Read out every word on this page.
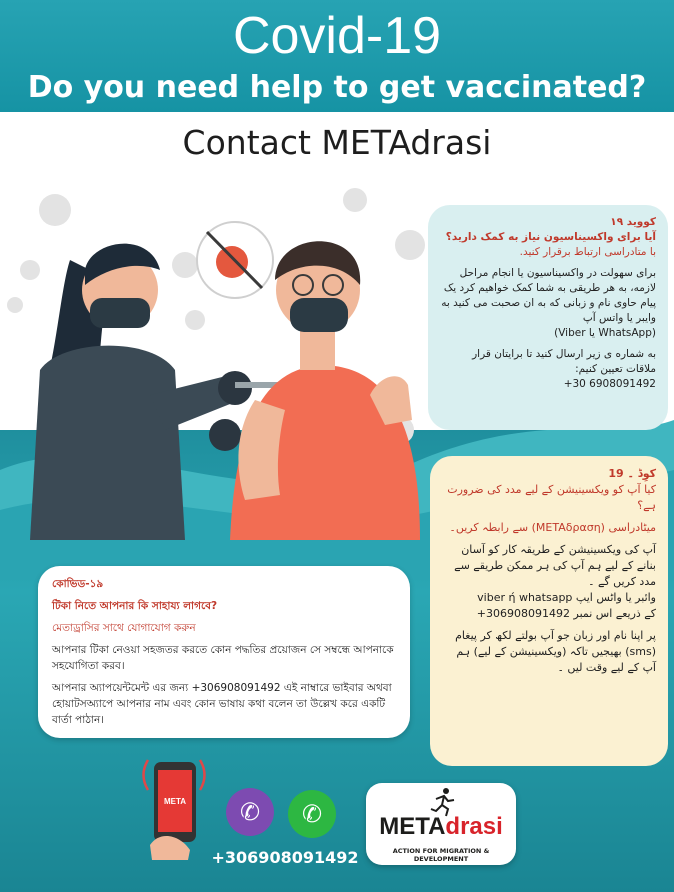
Covid-19
Do you need help to get vaccinated?
Contact METAdrasi
کووید ۱۹
آیا برای واکسیناسیون نیاز به کمک دارید؟
با متادراسی ارتباط برقرار کنید.
برای سهولت در واکسیناسیون یا انجام مراحل لازمه، به هر طریقی به شما کمک خواهیم کرد یک پیام حاوی نام و زبانی که به ان صحبت می کنید به وایبر یا واتس آپ
(WhatsApp یا Viber)
به شماره ی زیر ارسال کنید تا برایتان قرار ملاقات تعیین کنیم:
+30 6908091492
کوِڈ ۔ 19
کیا آپ کو ویکسینیشن کے لیے مدد کی ضرورت ہے؟
میٹادراسی (METAδραση) سے رابطہ کریں۔
آپ کی ویکسینیشن کے طریقہ کار کو آسان بنانے کے لیے ہم آپ کی ہر ممکن طریقے سے مدد کریں گے ۔
وائبر یا واٹس ایپ viber ή whatsapp
کے ذریعے اس نمبر 306908091492+
پر اپنا نام اور زبان جو آپ بولتے لکھ کر پیغام (sms) بھیجیں تاکہ (ویکسینیشن کے لیے) ہم آپ کے لیے وقت لیں ۔
কোভিড-১৯
টিকা নিতে আপনার কি সাহায্য লাগবে?
মেতাড্রাসির সাথে যোগাযোগ করুন
আপনার টিকা নেওয়া সহজতর করতে কোন পদ্ধতির প্রয়োজন সে সম্বন্ধে আপনাকে সহযোগিতা করব।
আপনার অ্যাপয়েন্টমেন্ট এর জন্য +306908091492 এই নাম্বারে ভাইবার অথবা হোয়াটসঅ্যাপে আপনার নাম এবং কোন ভাষায় কথা বলেন তা উল্লেখ করে একটি বার্তা পাঠান।
META	✆	✆
+306908091492
METAdrasi
ACTION FOR MIGRATION & DEVELOPMENT
